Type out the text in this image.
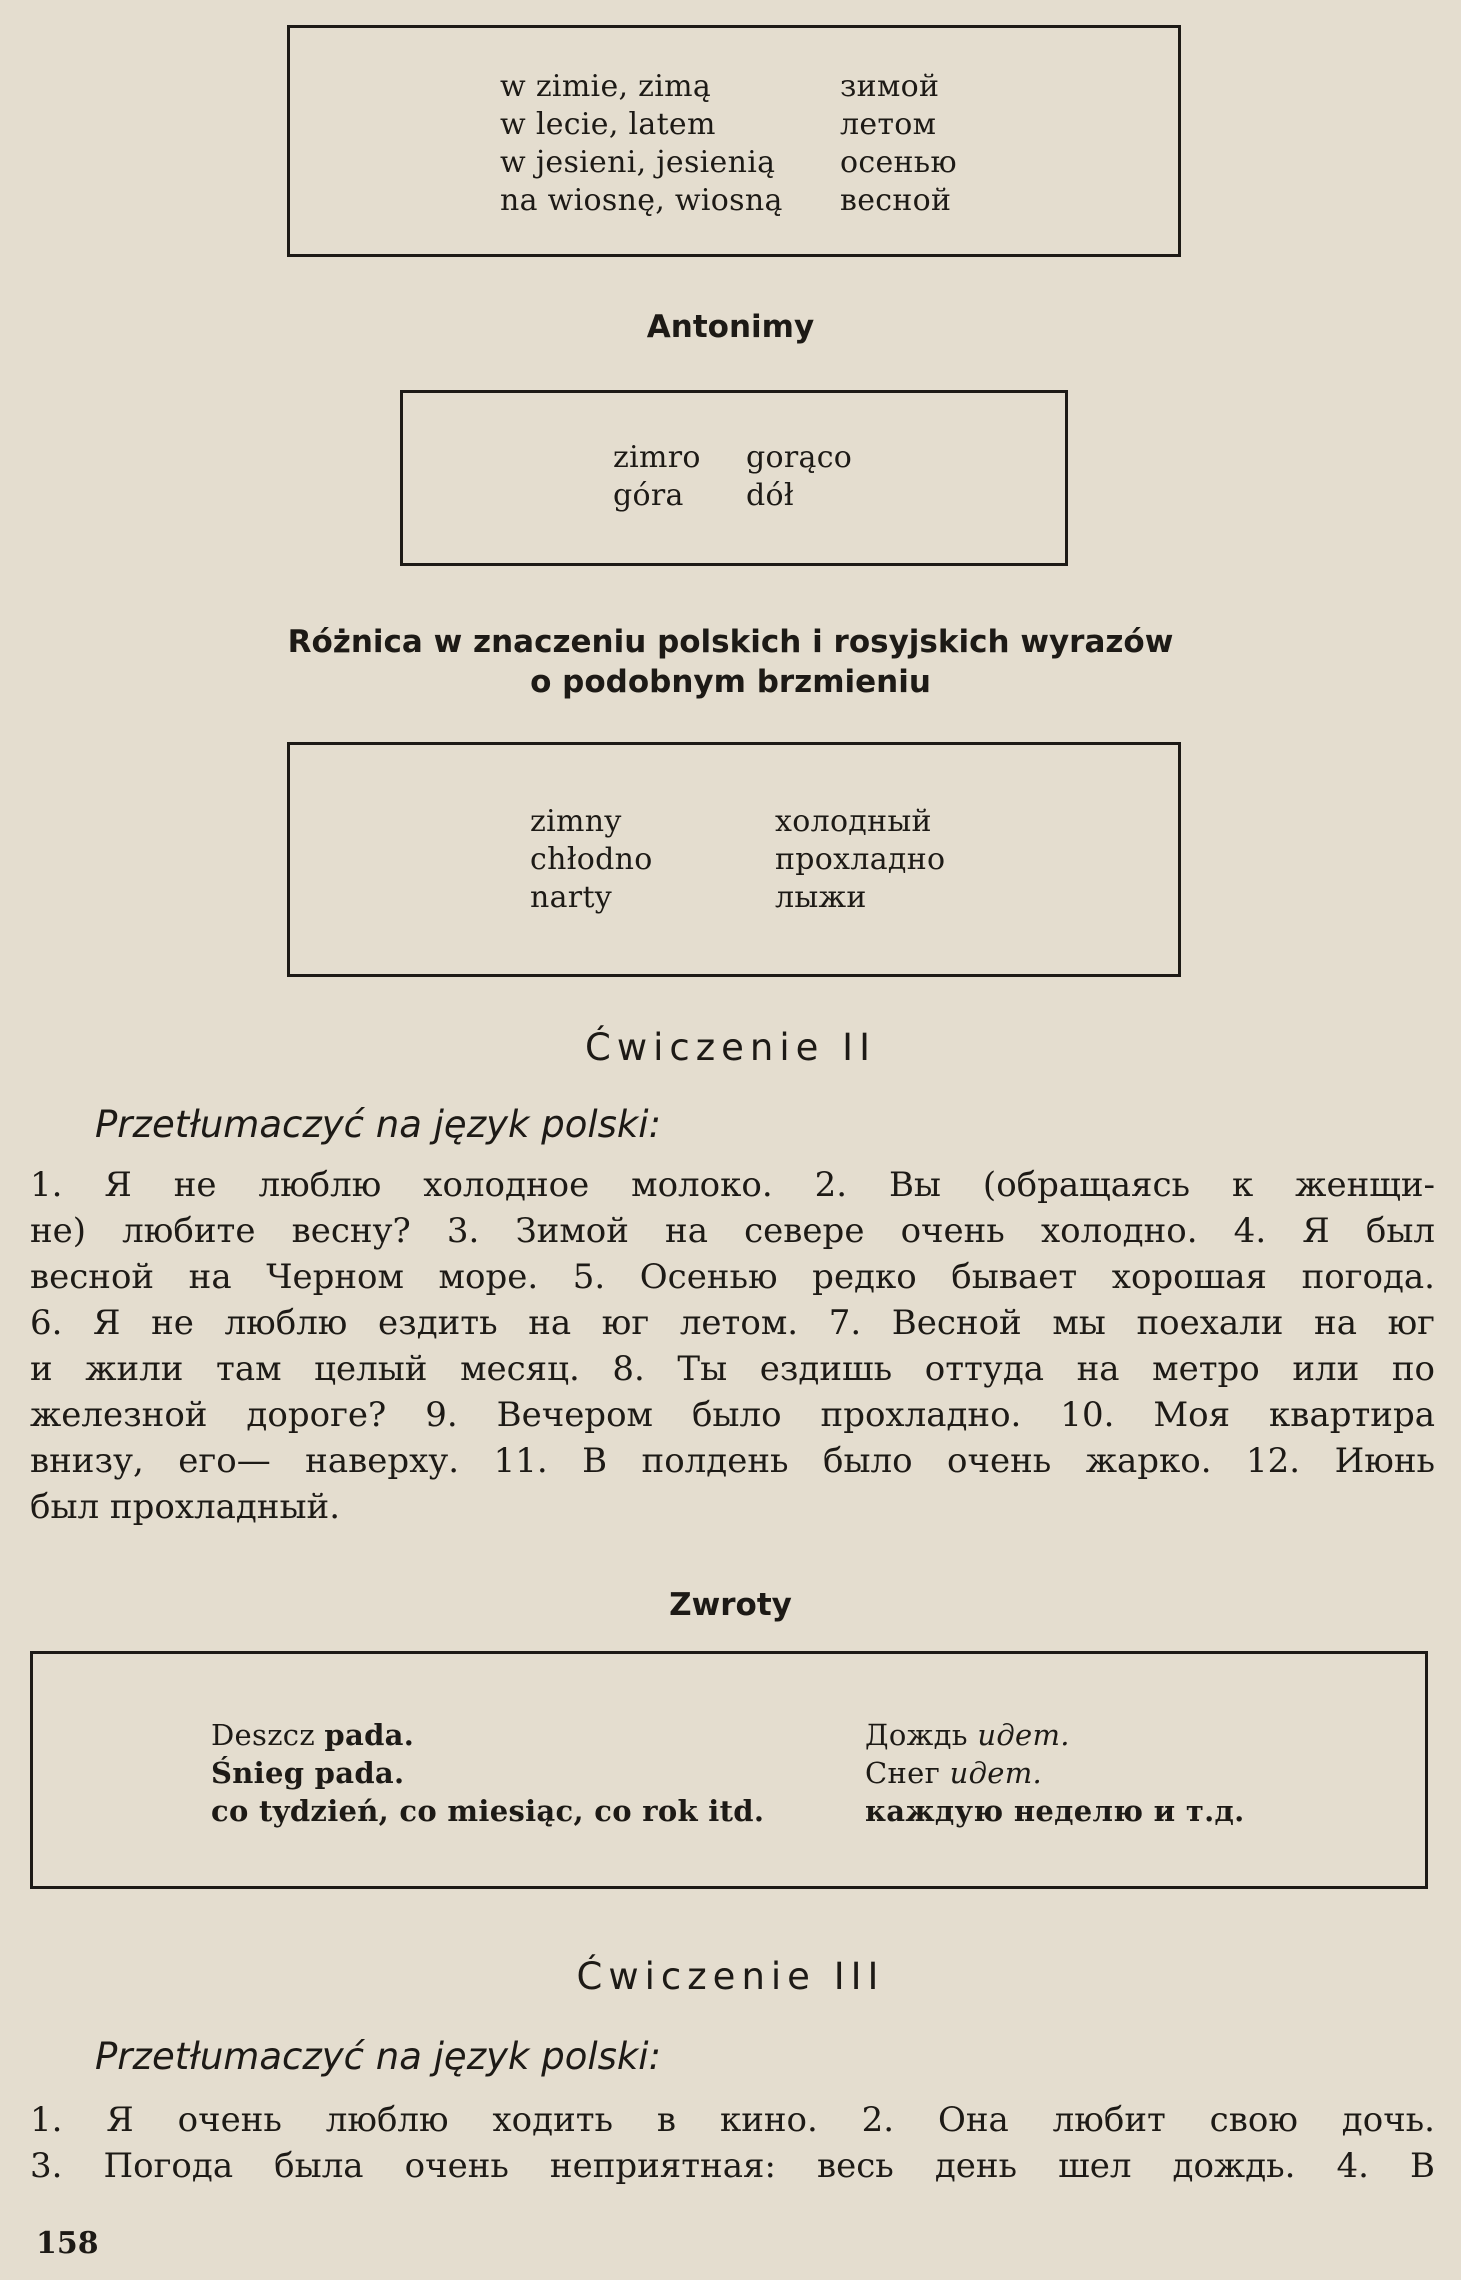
w zimie, zimą	зимой
w lecie, latem	летом
w jesieni, jesienią	осенью
na wiosnę, wiosną	весной
Antonimy
zimro	gorąco
góra	dół
Różnica w znaczeniu polskich i rosyjskich wyrazów
o podobnym brzmieniu
zimny	холодный
chłodno	прохладно
narty	лыжи
Ćwiczenie II
Przetłumaczyć na język polski:
1. Я не люблю холодное молоко. 2. Вы (обращаясь к женщи-
не) любите весну? 3. Зимой на севере очень холодно. 4. Я был
весной на Черном море. 5. Осенью редко бывает хорошая погода.
6. Я не люблю ездить на юг летом. 7. Весной мы поехали на юг
и жили там целый месяц. 8. Ты ездишь оттуда на метро или по
железной дороге? 9. Вечером было прохладно. 10. Моя квартира
внизу, его— наверху. 11. В полдень было очень жарко. 12. Июнь
был прохладный.
Zwroty
Deszcz pada.	Дождь идет.
Śnieg pada.	Снег идет.
co tydzień, co miesiąc, co rok itd.	каждую неделю и т.д.
Ćwiczenie III
Przetłumaczyć na język polski:
1. Я очень люблю ходить в кино. 2. Она любит свою дочь.
3. Погода была очень неприятная: весь день шел дождь. 4. В
158
